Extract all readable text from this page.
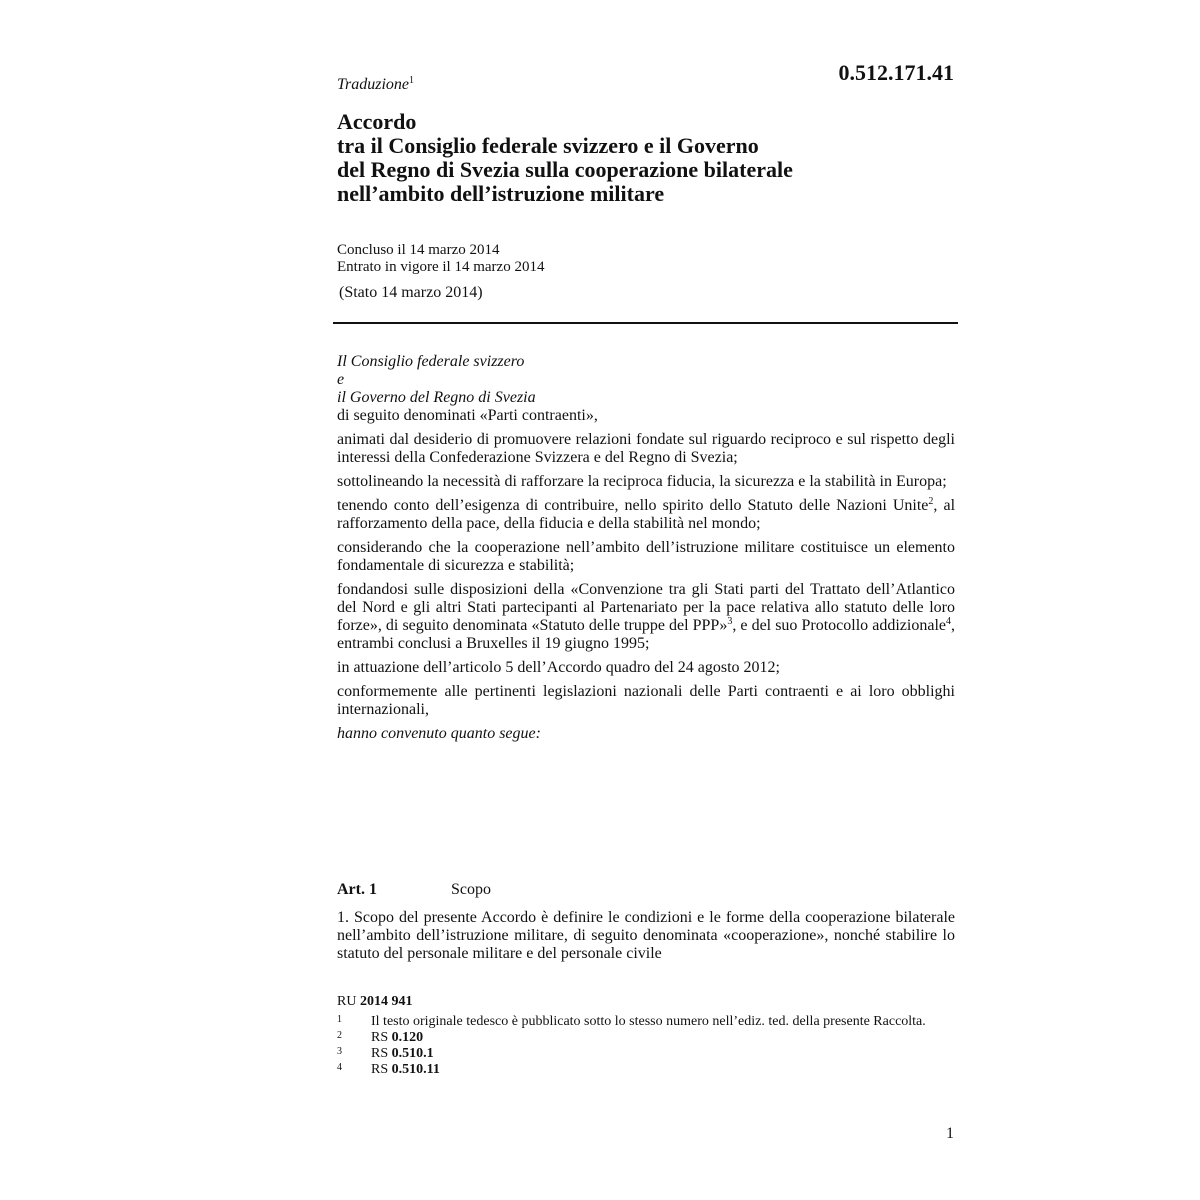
0.512.171.41
Traduzione$^1$
Accordo
tra il Consiglio federale svizzero e il Governo
del Regno di Svezia sulla cooperazione bilaterale
nell’ambito dell’istruzione militare
Concluso il 14 marzo 2014
Entrato in vigore il 14 marzo 2014
(Stato 14 marzo 2014)

Il Consiglio federale svizzero

e

il Governo del Regno di Svezia

di seguito denominati «Parti contraenti»,

animati dal desiderio di promuovere relazioni fondate sul riguardo reciproco e sul rispetto degli interessi della Confederazione Svizzera e del Regno di Svezia;

sottolineando la necessità di rafforzare la reciproca fiducia, la sicurezza e la stabilità in Europa;

tenendo conto dell’esigenza di contribuire, nello spirito dello Statuto delle Nazioni Unite$^2$, al rafforzamento della pace, della fiducia e della stabilità nel mondo;

considerando che la cooperazione nell’ambito dell’istruzione militare costituisce un elemento fondamentale di sicurezza e stabilità;

fondandosi sulle disposizioni della «Convenzione tra gli Stati parti del Trattato dell’Atlantico del Nord e gli altri Stati partecipanti al Partenariato per la pace relativa allo statuto delle loro forze», di seguito denominata «Statuto delle truppe del PPP»$^3$, e del suo Protocollo addizionale$^4$, entrambi conclusi a Bruxelles il 19 giugno 1995;

in attuazione dell’articolo 5 dell’Accordo quadro del 24 agosto 2012;

conformemente alle pertinenti legislazioni nazionali delle Parti contraenti e ai loro obblighi internazionali,

hanno convenuto quanto segue:

Art. 1	Scopo
1. Scopo del presente Accordo è definire le condizioni e le forme della cooperazione bilaterale nell’ambito dell’istruzione militare, di seguito denominata «cooperazione», nonché stabilire lo statuto del personale militare e del personale civile
RU 2014 941
1	Il testo originale tedesco è pubblicato sotto lo stesso numero nell’ediz. ted. della presente Raccolta.
2	RS 0.120
3	RS 0.510.1
4	RS 0.510.11
1
